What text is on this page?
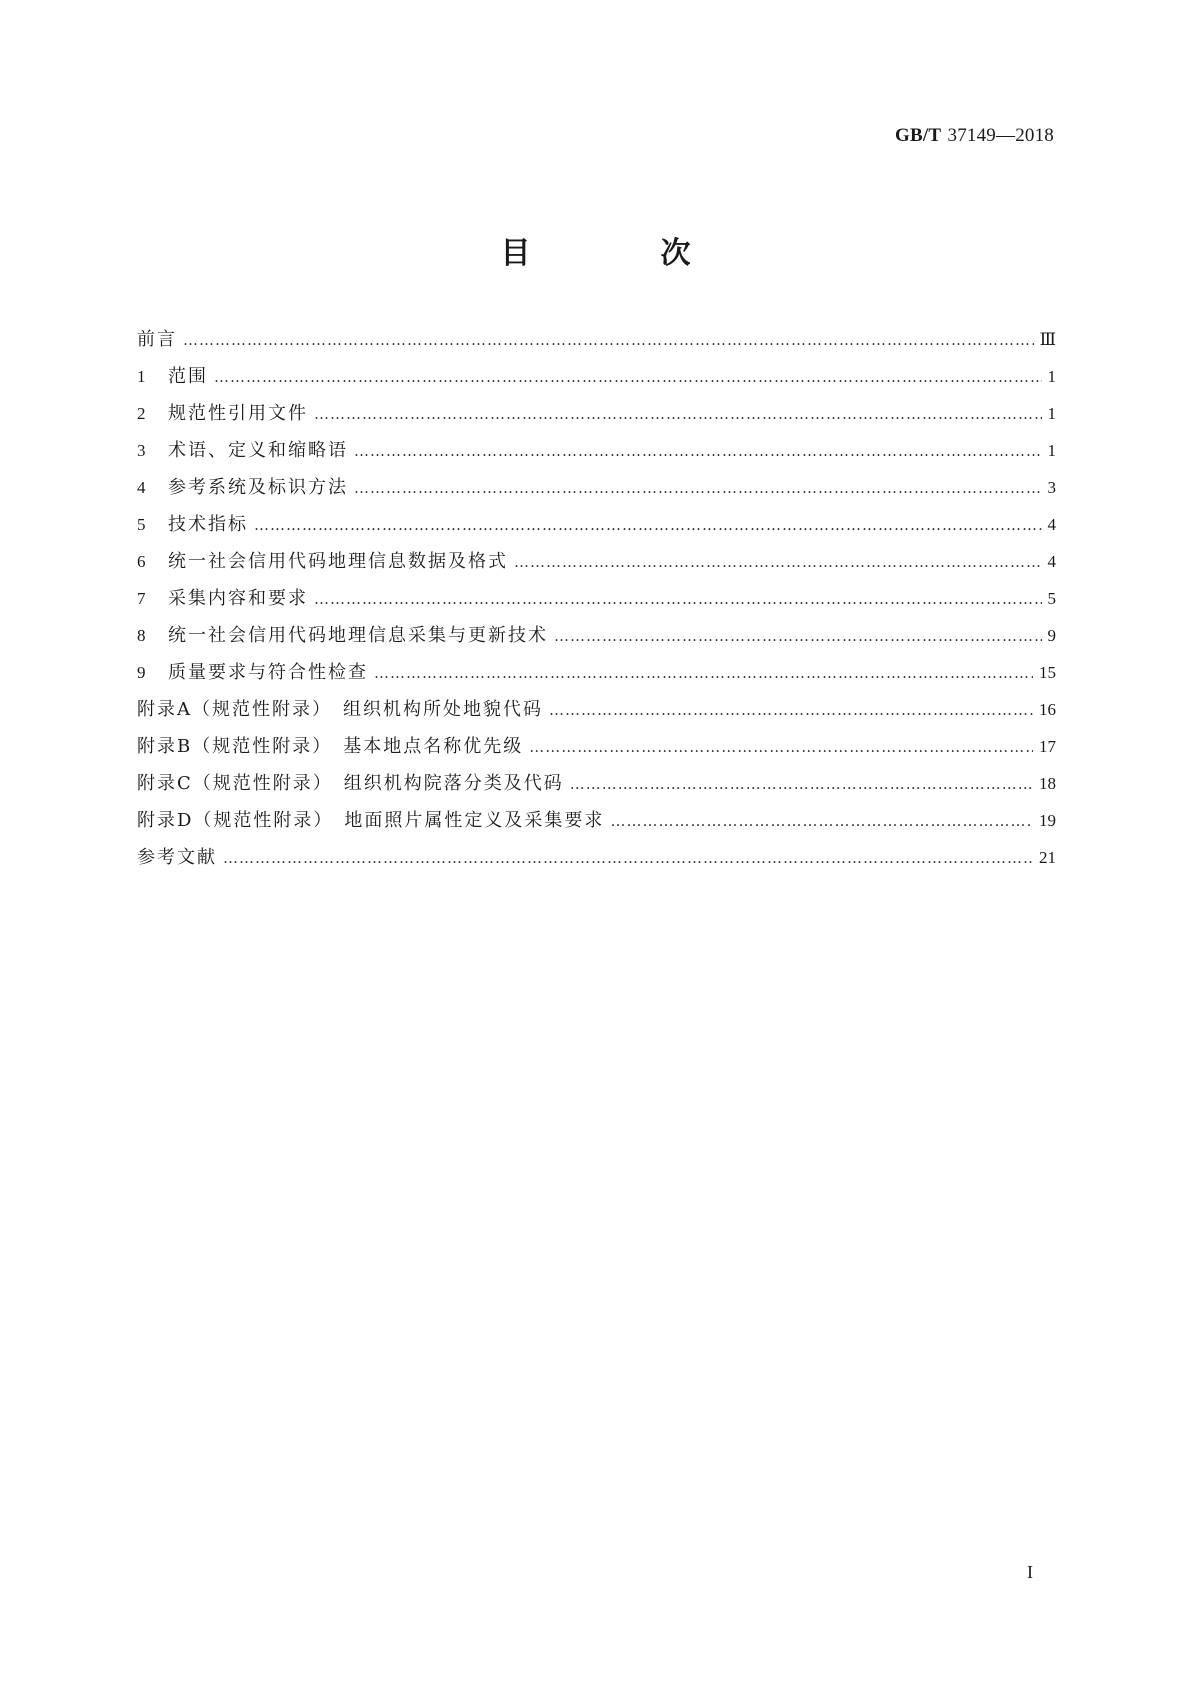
GB/T 37149—2018
目　次
前言 ……………………………………………………………………………………………………………………………………………………………………………………………………………	Ⅲ
1	范围 ……………………………………………………………………………………………………………………………………………………………………………………………………………	1
2	规范性引用文件 ……………………………………………………………………………………………………………………………………………………………………………………………………………	1
3	术语、定义和缩略语 ……………………………………………………………………………………………………………………………………………………………………………………………………………	1
4	参考系统及标识方法 ……………………………………………………………………………………………………………………………………………………………………………………………………………	3
5	技术指标 ……………………………………………………………………………………………………………………………………………………………………………………………………………	4
6	统一社会信用代码地理信息数据及格式 ……………………………………………………………………………………………………………………………………………………………………………………………………………	4
7	采集内容和要求 ……………………………………………………………………………………………………………………………………………………………………………………………………………	5
8	统一社会信用代码地理信息采集与更新技术 ……………………………………………………………………………………………………………………………………………………………………………………………………………	9
9	质量要求与符合性检查 ……………………………………………………………………………………………………………………………………………………………………………………………………………	15
附录A（规范性附录）　组织机构所处地貌代码 ……………………………………………………………………………………………………………………………………………………………………………………………………………	16
附录B（规范性附录）　基本地点名称优先级 ……………………………………………………………………………………………………………………………………………………………………………………………………………	17
附录C（规范性附录）　组织机构院落分类及代码 ……………………………………………………………………………………………………………………………………………………………………………………………………………	18
附录D（规范性附录）　地面照片属性定义及采集要求 ……………………………………………………………………………………………………………………………………………………………………………………………………………	19
参考文献 ……………………………………………………………………………………………………………………………………………………………………………………………………………	21
I
